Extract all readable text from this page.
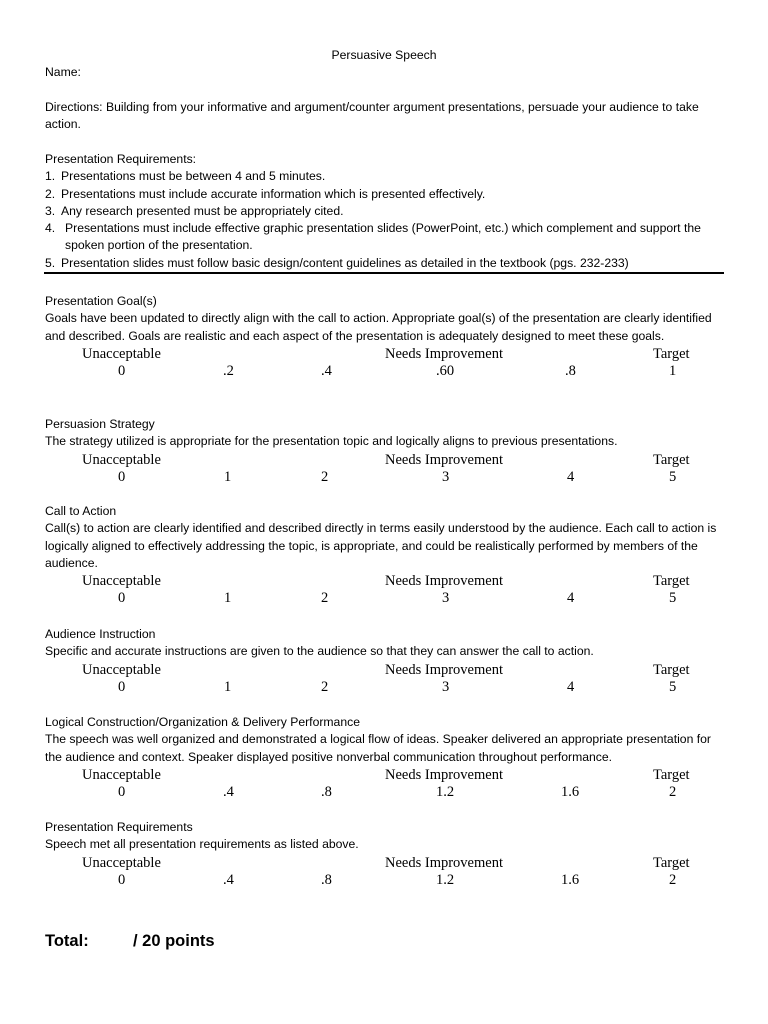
Persuasive Speech
Name:
Directions: Building from your informative and argument/counter argument presentations, persuade your audience to take action.
Presentation Requirements:
1. Presentations must be between 4 and 5 minutes.
2. Presentations must include accurate information which is presented effectively.
3. Any research presented must be appropriately cited.
4. Presentations must include effective graphic presentation slides (PowerPoint, etc.) which complement and support the spoken portion of the presentation.
5. Presentation slides must follow basic design/content guidelines as detailed in the textbook (pgs. 232-233)
Presentation Goal(s)
Goals have been updated to directly align with the call to action. Appropriate goal(s) of the presentation are clearly identified and described. Goals are realistic and each aspect of the presentation is adequately designed to meet these goals.
Unacceptable	Needs Improvement	Target
0	.2	.4	.60	.8	1
Persuasion Strategy
The strategy utilized is appropriate for the presentation topic and logically aligns to previous presentations.
Unacceptable	Needs Improvement	Target
0	1	2	3	4	5
Call to Action
Call(s) to action are clearly identified and described directly in terms easily understood by the audience. Each call to action is logically aligned to effectively addressing the topic, is appropriate, and could be realistically performed by members of the audience.
Unacceptable	Needs Improvement	Target
0	1	2	3	4	5
Audience Instruction
Specific and accurate instructions are given to the audience so that they can answer the call to action.
Unacceptable	Needs Improvement	Target
0	1	2	3	4	5
Logical Construction/Organization & Delivery Performance
The speech was well organized and demonstrated a logical flow of ideas. Speaker delivered an appropriate presentation for the audience and context. Speaker displayed positive nonverbal communication throughout performance.
Unacceptable	Needs Improvement	Target
0	.4	.8	1.2	1.6	2
Presentation Requirements
Speech met all presentation requirements as listed above.
Unacceptable	Needs Improvement	Target
0	.4	.8	1.2	1.6	2
Total:	/ 20 points
